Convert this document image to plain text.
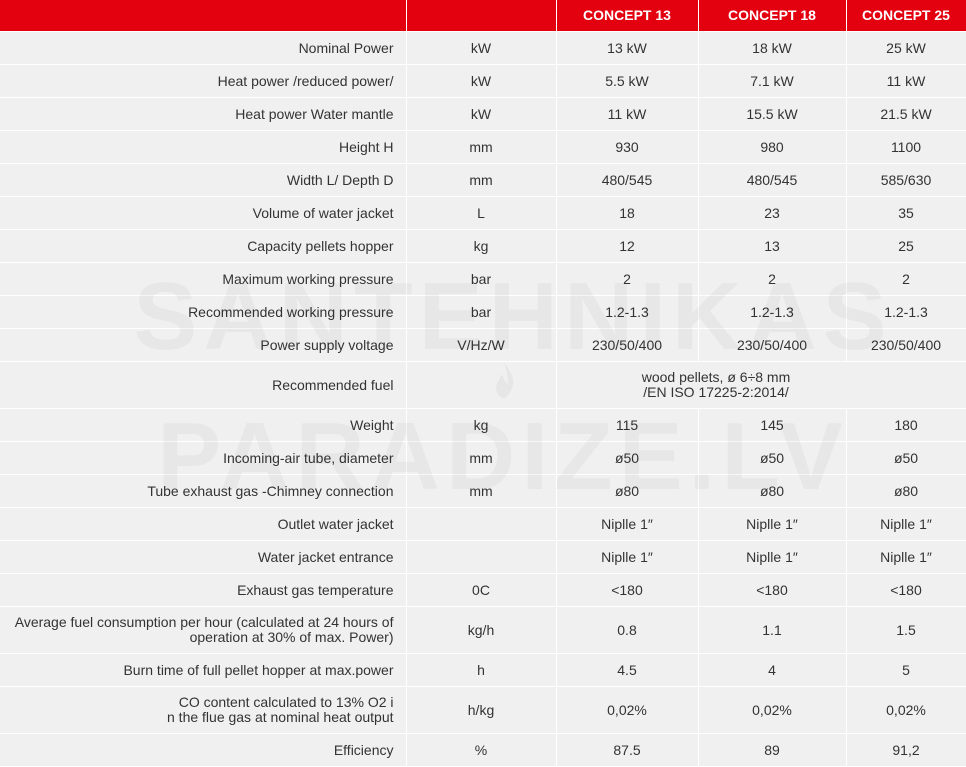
		CONCEPT 13	CONCEPT 18	CONCEPT 25
Nominal Power	kW	13 kW	18 kW	25 kW
Heat power /reduced power/	kW	5.5 kW	7.1 kW	11 kW
Heat power Water mantle	kW	11 kW	15.5 kW	21.5 kW
Height H	mm	930	980	1100
Width L/ Depth D	mm	480/545	480/545	585/630
Volume of water jacket	L	18	23	35
Capacity pellets hopper	kg	12	13	25
Maximum working pressure	bar	2	2	2
Recommended working pressure	bar	1.2-1.3	1.2-1.3	1.2-1.3
Power supply voltage	V/Hz/W	230/50/400	230/50/400	230/50/400
Recommended fuel		wood pellets, ø 6÷8 mm
/EN ISO 17225-2:2014/		

Weight	kg	115	145	180
Incoming-air tube, diameter	mm	ø50	ø50	ø50
Tube exhaust gas -Chimney connection	mm	ø80	ø80	ø80
Outlet water jacket		Niplle 1″	Niplle 1″	Niplle 1″
Water jacket entrance		Niplle 1″	Niplle 1″	Niplle 1″
Exhaust gas temperature	0C	<180	<180	<180

Average fuel consumption per hour (calculated at 24 hours of
operation at 30% of max. Power)	kg/h	0.8	1.1	1.5
Burn time of full pellet hopper at max.power	h	4.5	4	5

CO content calculated to 13% O2 i
n the flue gas at nominal heat output	h/kg	0,02%	0,02%	0,02%
Efficiency	%	87.5	89	91,2
